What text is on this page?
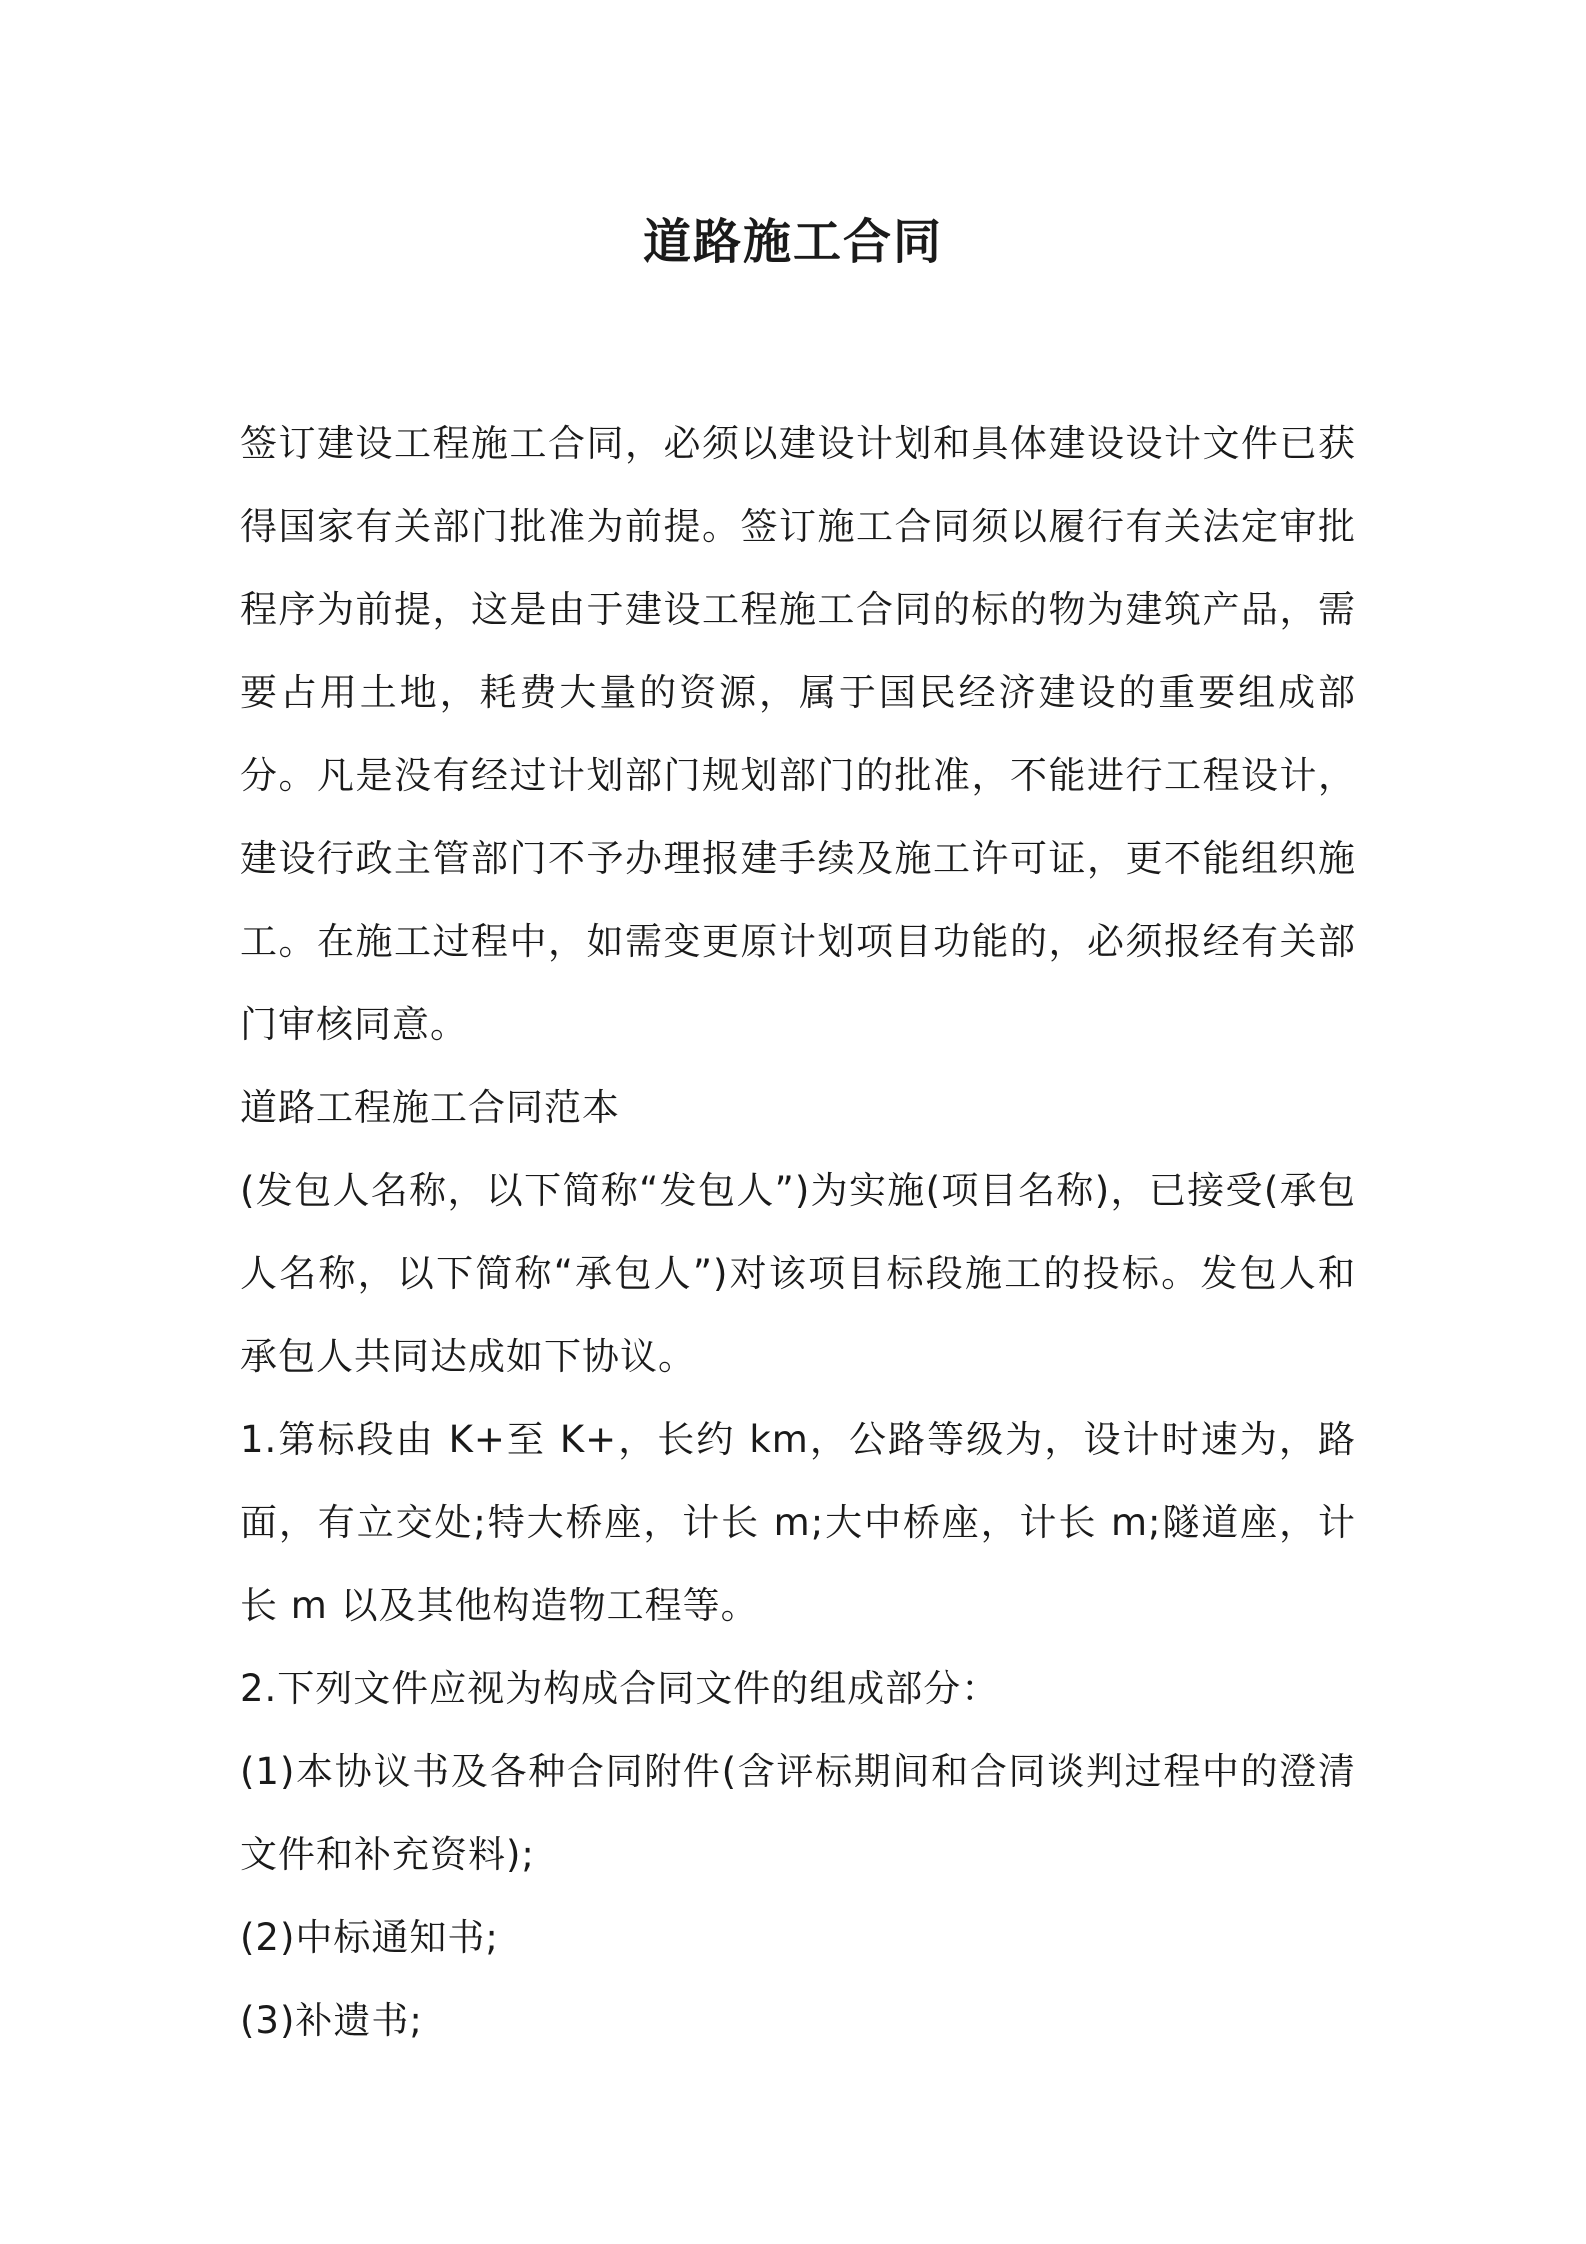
道路施工合同

签订建设工程施工合同，必须以建设计划和具体建设设计文件已获得国家有关部门批准为前提。签订施工合同须以履行有关法定审批程序为前提，这是由于建设工程施工合同的标的物为建筑产品，需要占用土地，耗费大量的资源，属于国民经济建设的重要组成部分。凡是没有经过计划部门规划部门的批准，不能进行工程设计，建设行政主管部门不予办理报建手续及施工许可证，更不能组织施工。在施工过程中，如需变更原计划项目功能的，必须报经有关部门审核同意。

道路工程施工合同范本

(发包人名称，以下简称“发包人”)为实施(项目名称)，已接受(承包人名称，以下简称“承包人”)对该项目标段施工的投标。发包人和承包人共同达成如下协议。

1.第标段由 K+至 K+，长约 km，公路等级为，设计时速为，路面，有立交处;特大桥座，计长 m;大中桥座，计长 m;隧道座，计长 m 以及其他构造物工程等。

2.下列文件应视为构成合同文件的组成部分：

(1)本协议书及各种合同附件(含评标期间和合同谈判过程中的澄清文件和补充资料);

(2)中标通知书;

(3)补遗书;
